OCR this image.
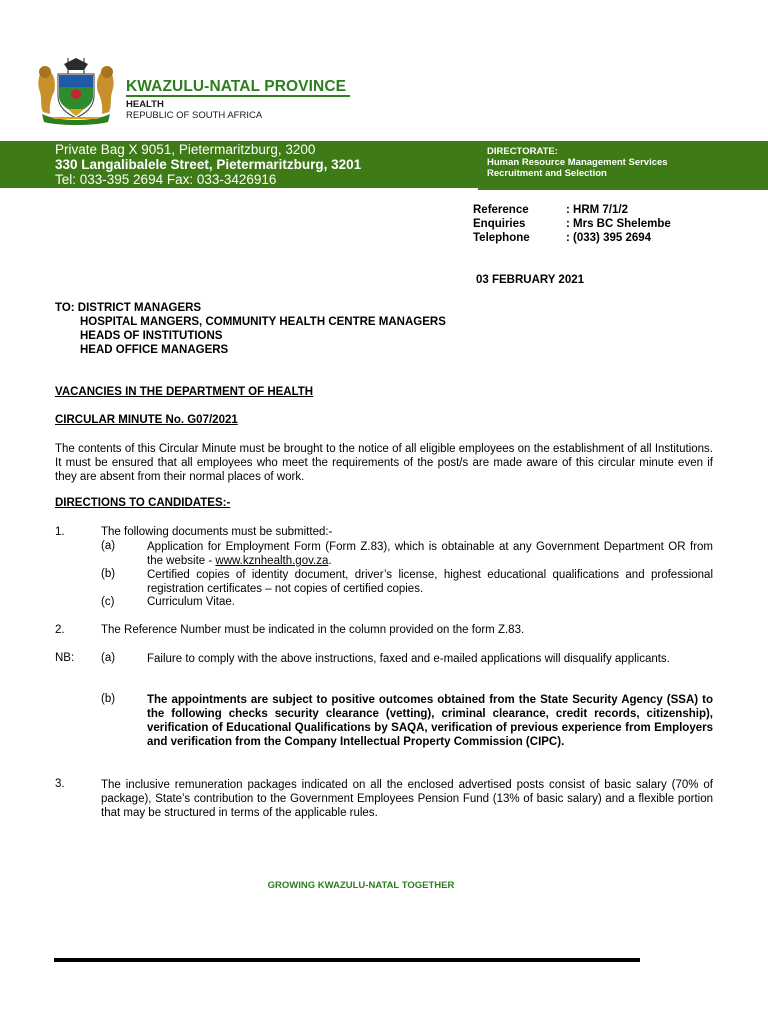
KWAZULU-NATAL PROVINCE
HEALTH
REPUBLIC OF SOUTH AFRICA
Private Bag X 9051, Pietermaritzburg, 3200
330 Langalibalele Street, Pietermaritzburg, 3201
Tel: 033-395 2694 Fax: 033-3426916
DIRECTORATE:
Human Resource Management Services
Recruitment and Selection
Reference	: HRM 7/1/2
Enquiries	: Mrs BC Shelembe
Telephone	: (033) 395 2694
03 FEBRUARY 2021
TO: DISTRICT MANAGERS
HOSPITAL MANGERS, COMMUNITY HEALTH CENTRE MANAGERS
HEADS OF INSTITUTIONS
HEAD OFFICE MANAGERS
VACANCIES IN THE DEPARTMENT OF HEALTH
CIRCULAR MINUTE No. G07/2021
The contents of this Circular Minute must be brought to the notice of all eligible employees on the establishment of all Institutions. It must be ensured that all employees who meet the requirements of the post/s are made aware of this circular minute even if they are absent from their normal places of work.
DIRECTIONS TO CANDIDATES:-
1.	The following documents must be submitted:-
(a)	Application for Employment Form (Form Z.83), which is obtainable at any Government Department OR from the website - www.kznhealth.gov.za.
(b)	Certified copies of identity document, driver’s license, highest educational qualifications and professional registration certificates – not copies of certified copies.
(c)	Curriculum Vitae.
2.	The Reference Number must be indicated in the column provided on the form Z.83.
NB: (a)	Failure to comply with the above instructions, faxed and e-mailed applications will disqualify applicants.
(b)	The appointments are subject to positive outcomes obtained from the State Security Agency (SSA) to the following checks security clearance (vetting), criminal clearance, credit records, citizenship), verification of Educational Qualifications by SAQA, verification of previous experience from Employers and verification from the Company Intellectual Property Commission (CIPC).
3.	The inclusive remuneration packages indicated on all the enclosed advertised posts consist of basic salary (70% of package), State’s contribution to the Government Employees Pension Fund (13% of basic salary) and a flexible portion that may be structured in terms of the applicable rules.
GROWING KWAZULU-NATAL TOGETHER
